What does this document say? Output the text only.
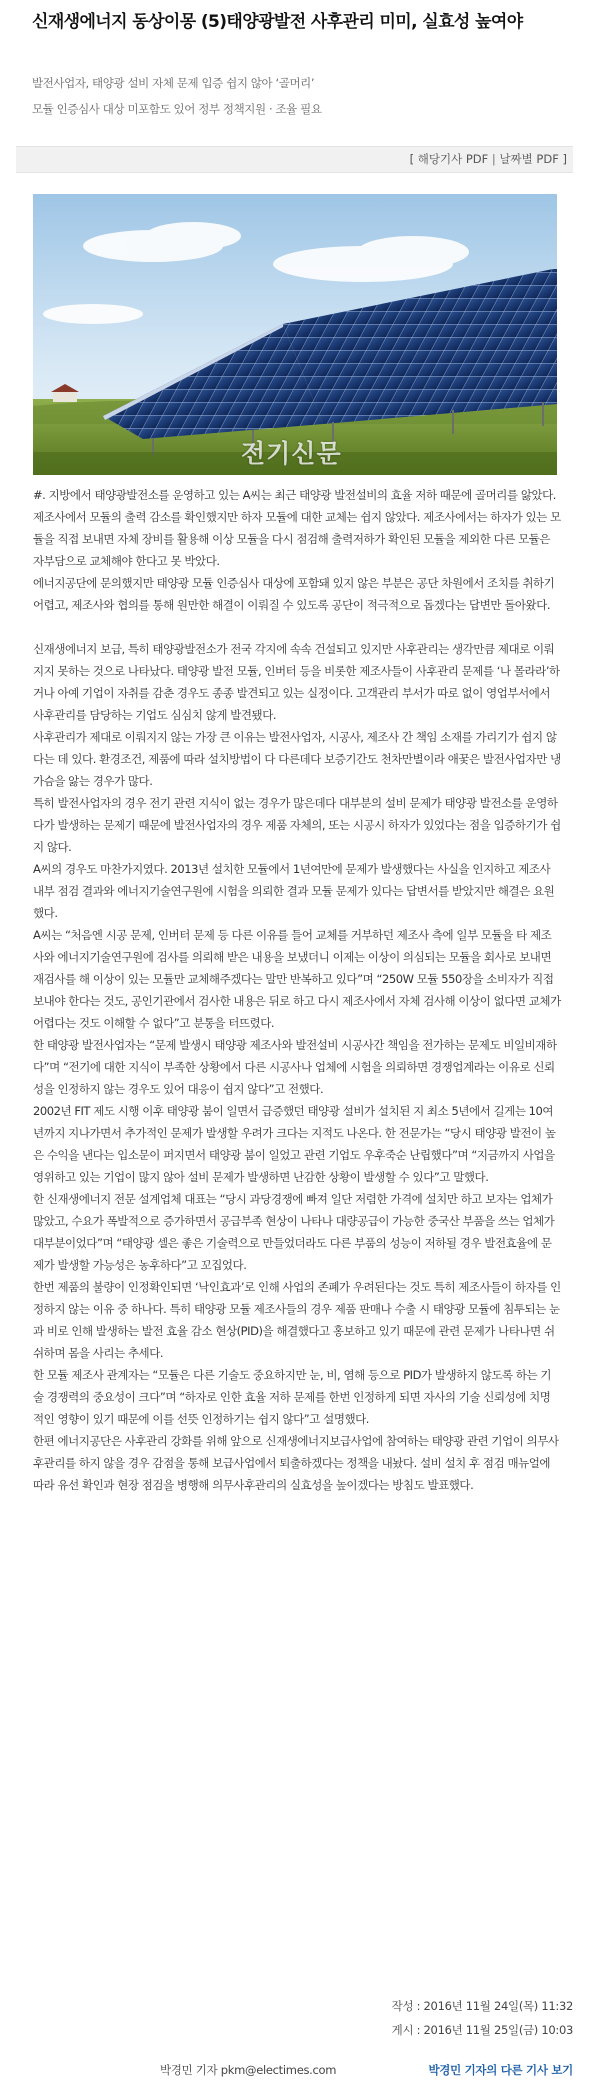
신재생에너지 동상이몽 (5)태양광발전 사후관리 미미, 실효성 높여야
발전사업자, 태양광 설비 자체 문제 입증 쉽지 않아 ‘골머리’
모듈 인증심사 대상 미포함도 있어 정부 정책지원 · 조율 필요
[ 해당기사 PDF | 날짜별 PDF ]
전기신문

#. 지방에서 태양광발전소를 운영하고 있는 A씨는 최근 태양광 발전설비의 효율 저하 때문에 골머리를 앓았다. 제조사에서 모듈의 출력 감소를 확인했지만 하자 모듈에 대한 교체는 쉽지 않았다. 제조사에서는 하자가 있는 모듈을 직접 보내면 자체 장비를 활용해 이상 모듈을 다시 점검해 출력저하가 확인된 모듈을 제외한 다른 모듈은 자부담으로 교체해야 한다고 못 박았다.

에너지공단에 문의했지만 태양광 모듈 인증심사 대상에 포함돼 있지 않은 부분은 공단 차원에서 조치를 취하기 어렵고, 제조사와 협의를 통해 원만한 해결이 이뤄질 수 있도록 공단이 적극적으로 돕겠다는 답변만 돌아왔다.

신재생에너지 보급, 특히 태양광발전소가 전국 각지에 속속 건설되고 있지만 사후관리는 생각만큼 제대로 이뤄지지 못하는 것으로 나타났다. 태양광 발전 모듈, 인버터 등을 비롯한 제조사들이 사후관리 문제를 ‘나 몰라라’하거나 아예 기업이 자취를 감춘 경우도 종종 발견되고 있는 실정이다. 고객관리 부서가 따로 없이 영업부서에서 사후관리를 담당하는 기업도 심심치 않게 발견됐다.

사후관리가 제대로 이뤄지지 않는 가장 큰 이유는 발전사업자, 시공사, 제조사 간 책임 소재를 가리기가 쉽지 않다는 데 있다. 환경조건, 제품에 따라 설치방법이 다 다른데다 보증기간도 천차만별이라 애꿎은 발전사업자만 냉가슴을 앓는 경우가 많다.

특히 발전사업자의 경우 전기 관련 지식이 없는 경우가 많은데다 대부분의 설비 문제가 태양광 발전소를 운영하다가 발생하는 문제기 때문에 발전사업자의 경우 제품 자체의, 또는 시공시 하자가 있었다는 점을 입증하기가 쉽지 않다.

A씨의 경우도 마찬가지였다. 2013년 설치한 모듈에서 1년여만에 문제가 발생했다는 사실을 인지하고 제조사 내부 점검 결과와 에너지기술연구원에 시험을 의뢰한 결과 모듈 문제가 있다는 답변서를 받았지만 해결은 요원했다.

A씨는 “처음엔 시공 문제, 인버터 문제 등 다른 이유를 들어 교체를 거부하던 제조사 측에 일부 모듈을 타 제조사와 에너지기술연구원에 검사를 의뢰해 받은 내용을 보냈더니 이제는 이상이 의심되는 모듈을 회사로 보내면 재검사를 해 이상이 있는 모듈만 교체해주겠다는 말만 반복하고 있다”며 “250W 모듈 550장을 소비자가 직접 보내야 한다는 것도, 공인기관에서 검사한 내용은 뒤로 하고 다시 제조사에서 자체 검사해 이상이 없다면 교체가 어렵다는 것도 이해할 수 없다”고 분통을 터뜨렸다.

한 태양광 발전사업자는 “문제 발생시 태양광 제조사와 발전설비 시공사간 책임을 전가하는 문제도 비일비재하다”며 “전기에 대한 지식이 부족한 상황에서 다른 시공사나 업체에 시험을 의뢰하면 경쟁업계라는 이유로 신뢰성을 인정하지 않는 경우도 있어 대응이 쉽지 않다”고 전했다.

2002년 FIT 제도 시행 이후 태양광 붐이 일면서 급증했던 태양광 설비가 설치된 지 최소 5년에서 길게는 10여년까지 지나가면서 추가적인 문제가 발생할 우려가 크다는 지적도 나온다. 한 전문가는 “당시 태양광 발전이 높은 수익을 낸다는 입소문이 퍼지면서 태양광 붐이 일었고 관련 기업도 우후죽순 난립했다”며 “지금까지 사업을 영위하고 있는 기업이 많지 않아 설비 문제가 발생하면 난감한 상황이 발생할 수 있다”고 말했다.

한 신재생에너지 전문 설계업체 대표는 “당시 과당경쟁에 빠져 일단 저렴한 가격에 설치만 하고 보자는 업체가 많았고, 수요가 폭발적으로 증가하면서 공급부족 현상이 나타나 대량공급이 가능한 중국산 부품을 쓰는 업체가 대부분이었다”며 “태양광 셀은 좋은 기술력으로 만들었더라도 다른 부품의 성능이 저하될 경우 발전효율에 문제가 발생할 가능성은 농후하다”고 꼬집었다.

한번 제품의 불량이 인정확인되면 ‘낙인효과’로 인해 사업의 존폐가 우려된다는 것도 특히 제조사들이 하자를 인정하지 않는 이유 중 하나다. 특히 태양광 모듈 제조사들의 경우 제품 판매나 수출 시 태양광 모듈에 침투되는 눈과 비로 인해 발생하는 발전 효율 감소 현상(PID)을 해결했다고 홍보하고 있기 때문에 관련 문제가 나타나면 쉬쉬하며 몸을 사리는 추세다.

한 모듈 제조사 관계자는 “모듈은 다른 기술도 중요하지만 눈, 비, 염해 등으로 PID가 발생하지 않도록 하는 기술 경쟁력의 중요성이 크다”며 “하자로 인한 효율 저하 문제를 한번 인정하게 되면 자사의 기술 신뢰성에 치명적인 영향이 있기 때문에 이를 선뜻 인정하기는 쉽지 않다”고 설명했다.

한편 에너지공단은 사후관리 강화를 위해 앞으로 신재생에너지보급사업에 참여하는 태양광 관련 기업이 의무사후관리를 하지 않을 경우 감점을 통해 보급사업에서 퇴출하겠다는 정책을 내놨다. 설비 설치 후 점검 매뉴얼에 따라 유선 확인과 현장 점검을 병행해 의무사후관리의 실효성을 높이겠다는 방침도 발표했다.

작성 : 2016년 11월 24일(목) 11:32
게시 : 2016년 11월 25일(금) 10:03
박경민 기자 pkm@electimes.com	박경민 기자의 다른 기사 보기
